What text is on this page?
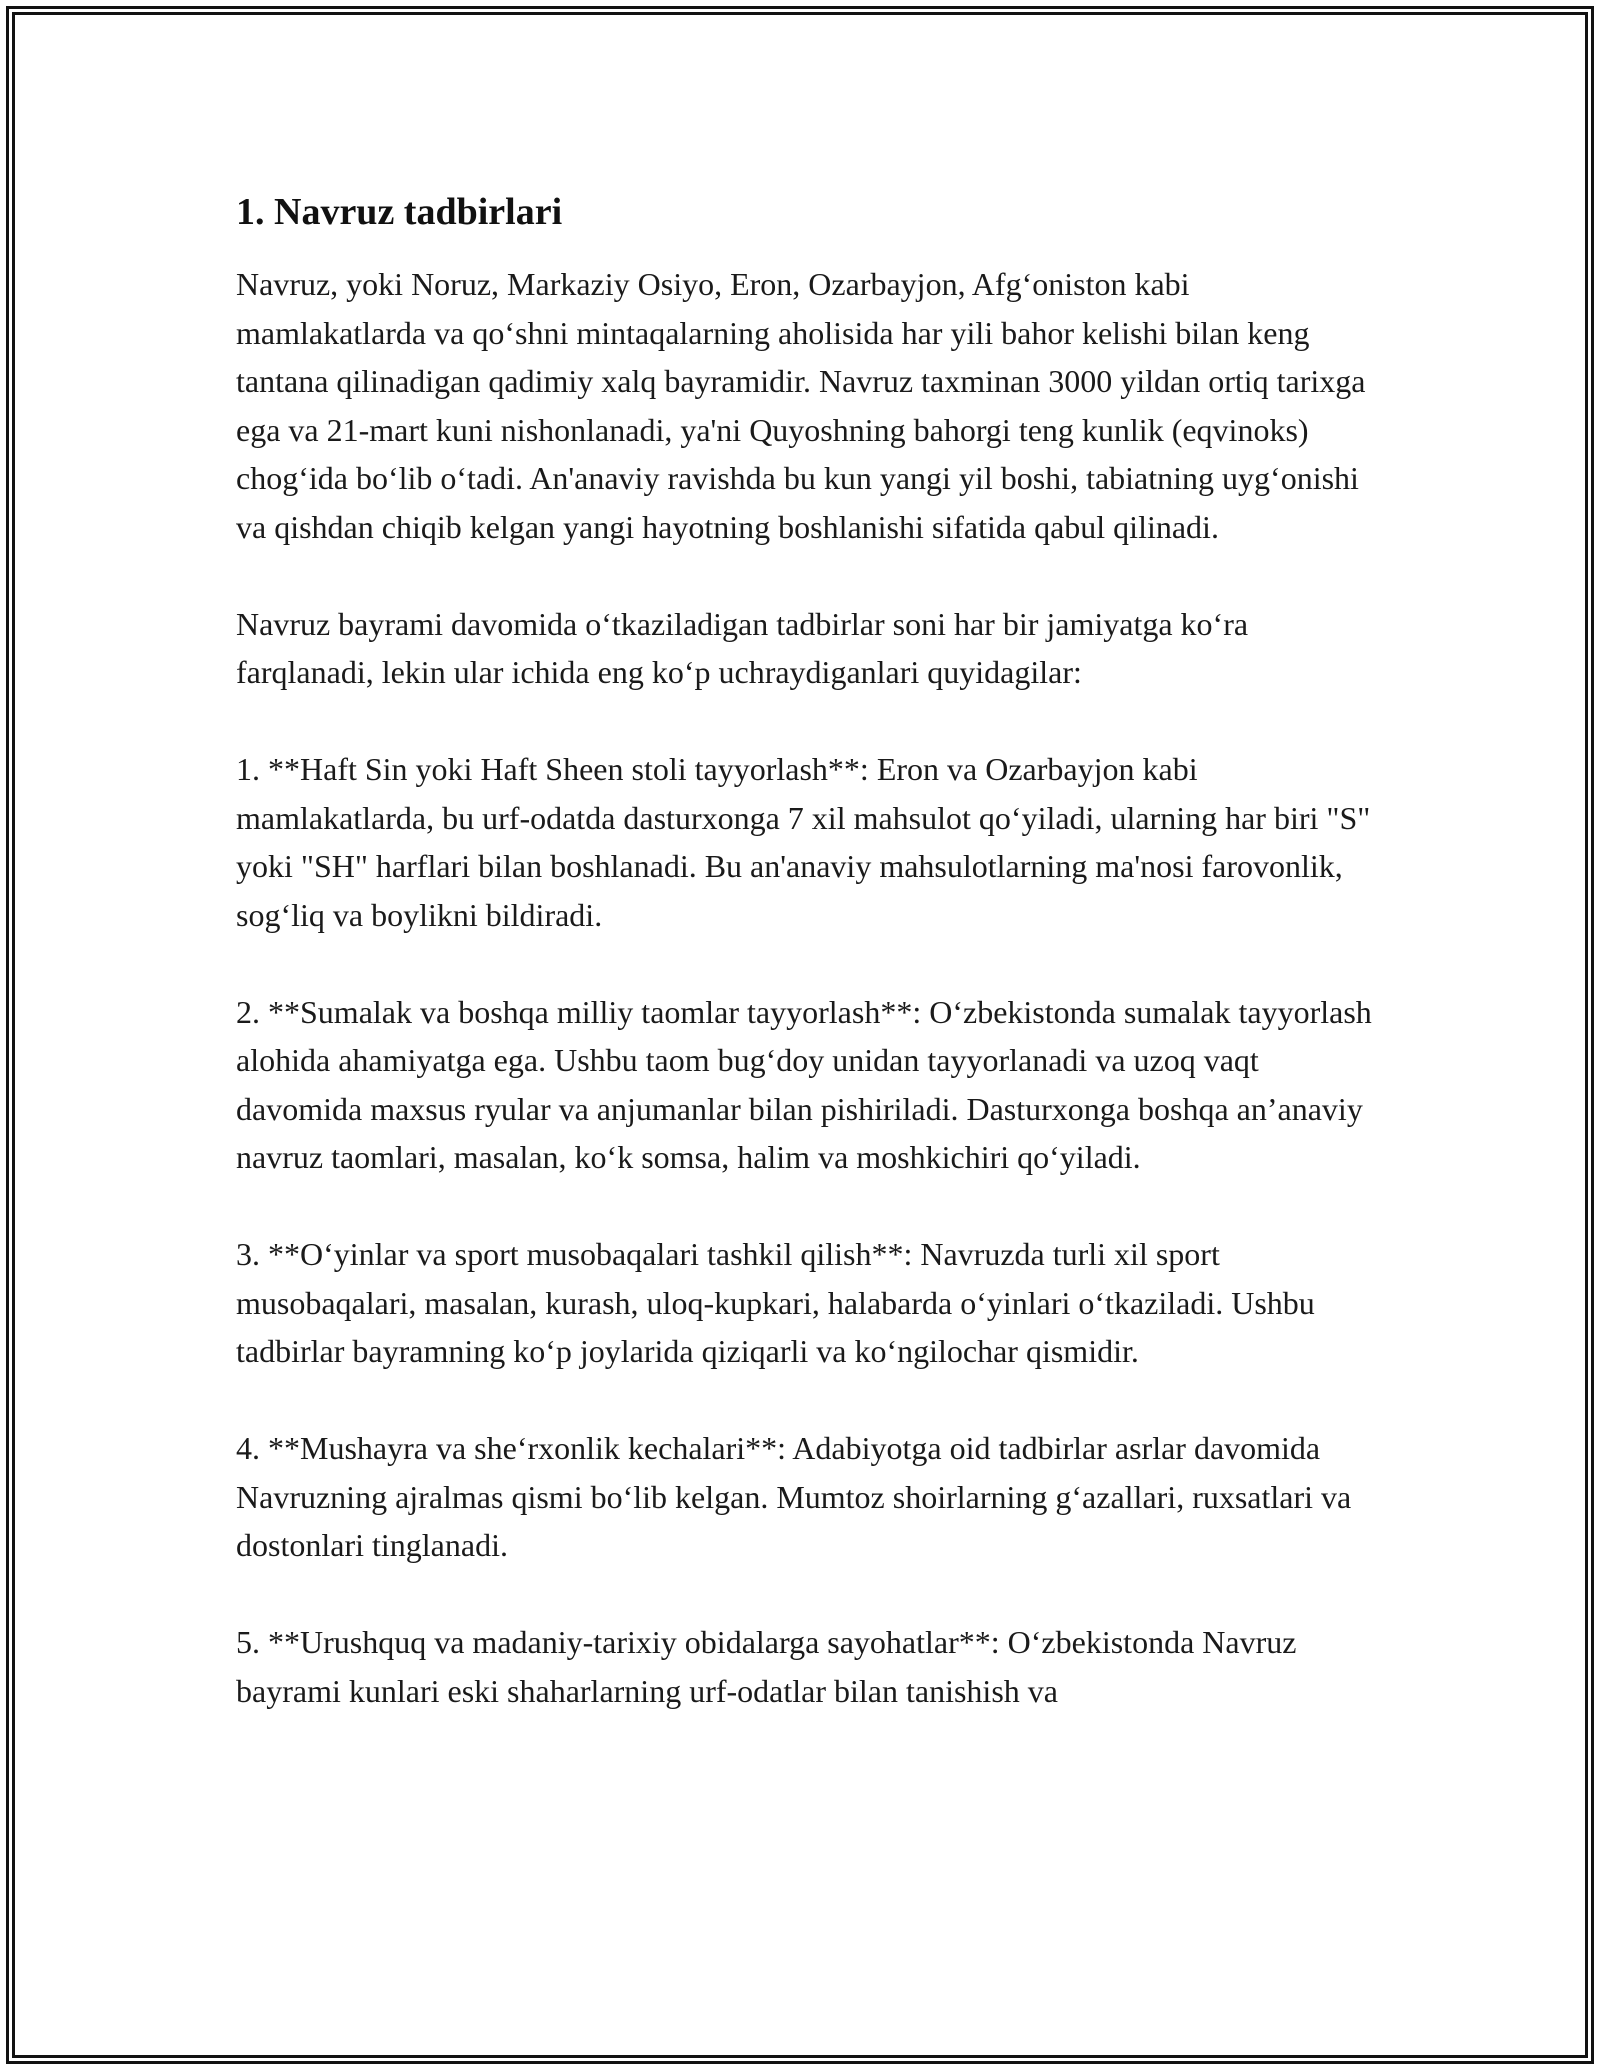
1. Navruz tadbirlari

Navruz, yoki Noruz, Markaziy Osiyo, Eron, Ozarbayjon, Afg‘oniston kabi mamlakatlarda va qo‘shni mintaqalarning aholisida har yili bahor kelishi bilan keng tantana qilinadigan qadimiy xalq bayramidir. Navruz taxminan 3000 yildan ortiq tarixga ega va 21-mart kuni nishonlanadi, ya'ni Quyoshning bahorgi teng kunlik (eqvinoks) chog‘ida bo‘lib o‘tadi. An'anaviy ravishda bu kun yangi yil boshi, tabiatning uyg‘onishi va qishdan chiqib kelgan yangi hayotning boshlanishi sifatida qabul qilinadi.

Navruz bayrami davomida o‘tkaziladigan tadbirlar soni har bir jamiyatga ko‘ra farqlanadi, lekin ular ichida eng ko‘p uchraydiganlari quyidagilar:

1. **Haft Sin yoki Haft Sheen stoli tayyorlash**: Eron va Ozarbayjon kabi mamlakatlarda, bu urf-odatda dasturxonga 7 xil mahsulot qo‘yiladi, ularning har biri "S" yoki "SH" harflari bilan boshlanadi. Bu an'anaviy mahsulotlarning ma'nosi farovonlik, sog‘liq va boylikni bildiradi.

2. **Sumalak va boshqa milliy taomlar tayyorlash**: O‘zbekistonda sumalak tayyorlash alohida ahamiyatga ega. Ushbu taom bug‘doy unidan tayyorlanadi va uzoq vaqt davomida maxsus ryular va anjumanlar bilan pishiriladi. Dasturxonga boshqa an’anaviy navruz taomlari, masalan, ko‘k somsa, halim va moshkichiri qo‘yiladi.

3. **O‘yinlar va sport musobaqalari tashkil qilish**: Navruzda turli xil sport musobaqalari, masalan, kurash, uloq-kupkari, halabarda o‘yinlari o‘tkaziladi. Ushbu tadbirlar bayramning ko‘p joylarida qiziqarli va ko‘ngilochar qismidir.

4. **Mushayra va she‘rxonlik kechalari**: Adabiyotga oid tadbirlar asrlar davomida Navruzning ajralmas qismi bo‘lib kelgan. Mumtoz shoirlarning g‘azallari, ruxsatlari va dostonlari tinglanadi.

5. **Urushquq va madaniy-tarixiy obidalarga sayohatlar**: O‘zbekistonda Navruz bayrami kunlari eski shaharlarning urf-odatlar bilan tanishish va
